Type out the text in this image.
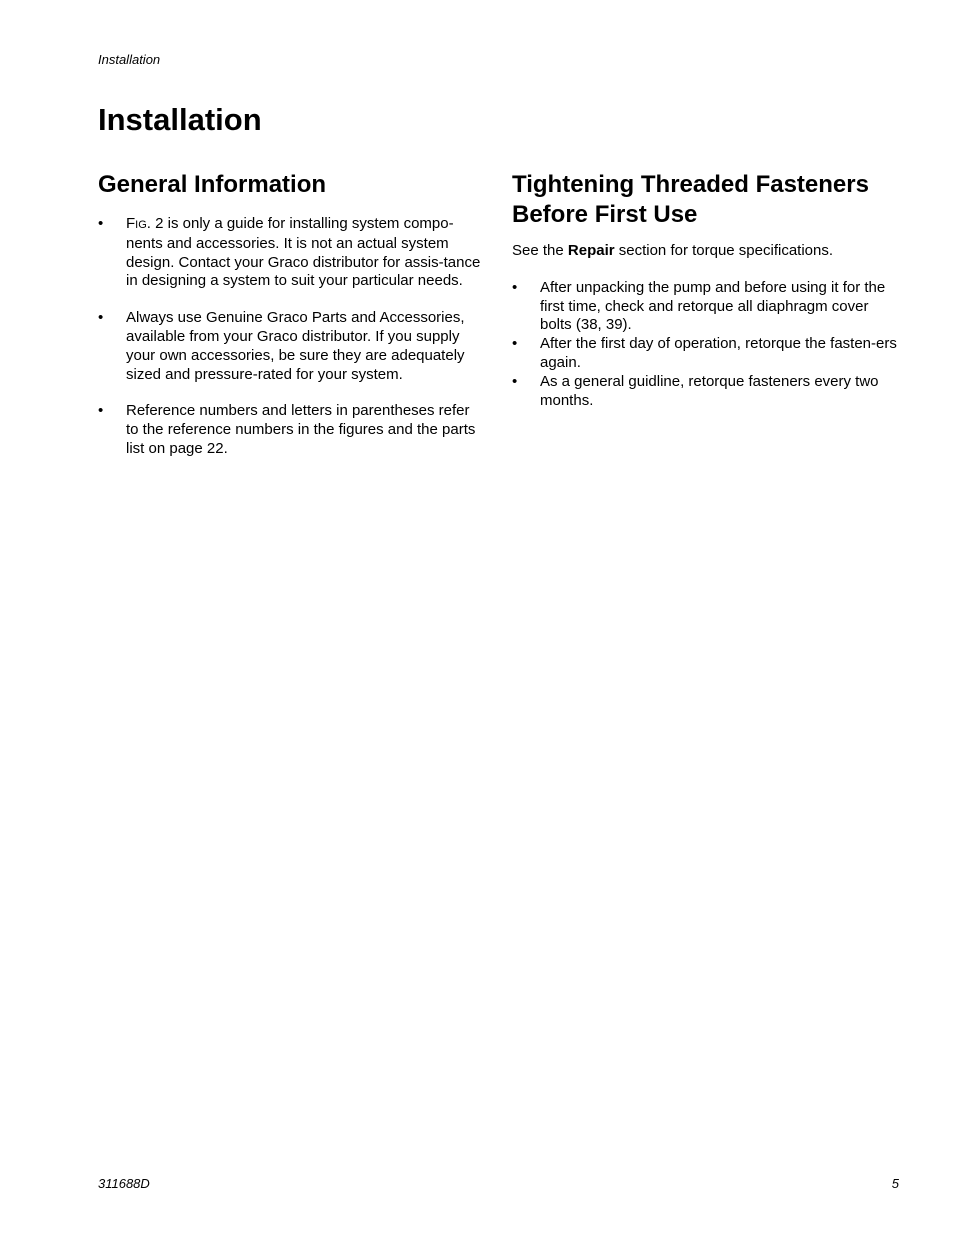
Installation
Installation
General Information
• FIG. 2 is only a guide for installing system compo-nents and accessories. It is not an actual system design. Contact your Graco distributor for assis-tance in designing a system to suit your particular needs.
• Always use Genuine Graco Parts and Accessories, available from your Graco distributor. If you supply your own accessories, be sure they are adequately sized and pressure-rated for your system.
• Reference numbers and letters in parentheses refer to the reference numbers in the figures and the parts list on page 22.
Tightening Threaded Fasteners
Before First Use

See the Repair section for torque specifications.

• After unpacking the pump and before using it for the first time, check and retorque all diaphragm cover bolts (38, 39).
• After the first day of operation, retorque the fasten-ers again.
• As a general guidline, retorque fasteners every two months.
311688D	5
